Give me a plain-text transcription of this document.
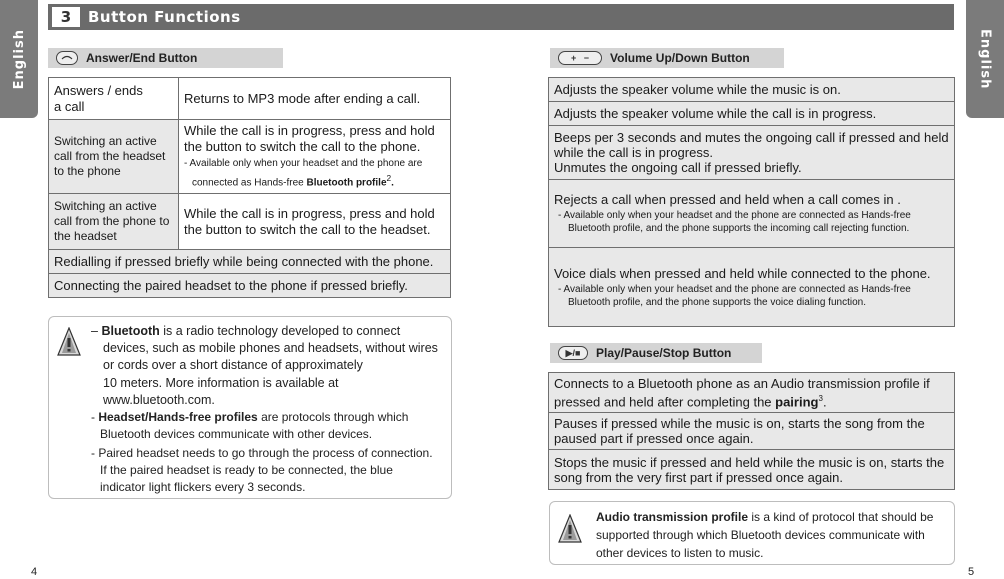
English	English
3	Button Functions
Answer/End Button
Answers / ends
a call	Returns to MP3 mode after ending a call.
Switching an active call from the headset to the phone	While the call is in progress, press and hold the button to switch the call to the phone.
- Available only when your headset and the phone are connected as Hands-free Bluetooth profile$^2$.

Switching an active call from the phone to the headset	While the call is in progress, press and hold the button to switch the call to the headset.
Redialling if pressed briefly while being connected with the phone.	
Connecting the paired headset to the phone if pressed briefly.	
– Bluetooth is a radio technology developed to connect devices, such as mobile phones and headsets, without wires or cords over a short distance of approximately
10 meters. More information is available at www.bluetooth.com.
- Headset/Hands-free profiles are protocols through which Bluetooth devices communicate with other devices.
- Paired headset needs to go through the process of connection. If the paired headset is ready to be connected, the blue indicator light flickers every 3 seconds.
+   −	Volume Up/Down Button
Adjusts the speaker volume while the music is on.
Adjusts the speaker volume while the call is in progress.
Beeps per 3 seconds and mutes the ongoing call if pressed and held while the call is in progress.
Unmutes the ongoing call if pressed briefly.
Rejects a call when pressed and held when a call comes in .
- Available only when your headset and the phone are connected as Hands-free Bluetooth profile, and the phone supports the incoming call rejecting function.

Voice dials when pressed and held while connected to the phone.
- Available only when your headset and the phone are connected as Hands-free Bluetooth profile, and the phone supports the voice dialing function.
▶/■	Play/Pause/Stop Button
Connects to a Bluetooth phone as an Audio transmission profile if pressed and held after completing the pairing$^3$.
Pauses if pressed while the music is on, starts the song from the paused part if pressed once again.
Stops the music if pressed and held while the music is on, starts the song from the very first part if pressed once again.
Audio transmission profile is a kind of protocol that should be supported through which Bluetooth devices communicate with other devices to listen to music.
4	5
